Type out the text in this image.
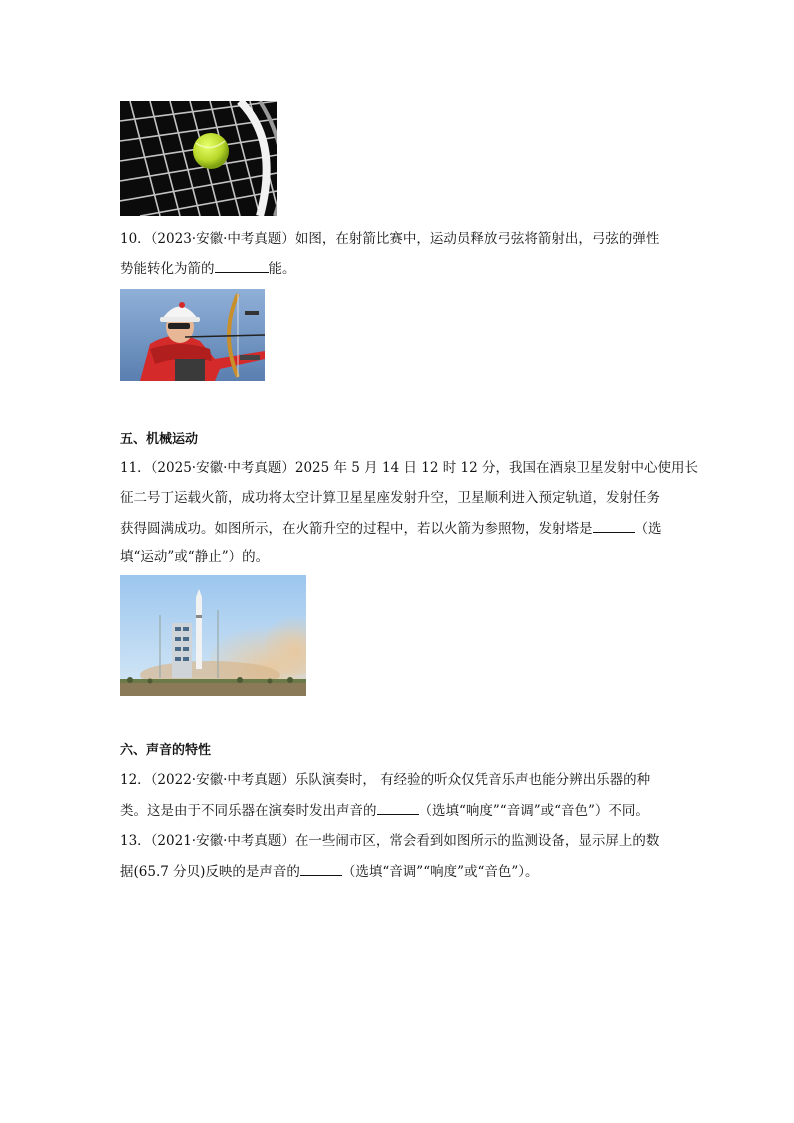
10．（2023·安徽·中考真题）如图，在射箭比赛中，运动员释放弓弦将箭射出，弓弦的弹性
势能转化为箭的	能。
五、机械运动
11．（2025·安徽·中考真题）2025 年 5 月 14 日 12 时 12 分，我国在酒泉卫星发射中心使用长
征二号丁运载火箭，成功将太空计算卫星星座发射升空，卫星顺利进入预定轨道，发射任务
获得圆满成功。如图所示，在火箭升空的过程中，若以火箭为参照物，发射塔是	（选
填“运动”或“静止”）的。
六、声音的特性
12．（2022·安徽·中考真题）乐队演奏时， 有经验的听众仅凭音乐声也能分辨出乐器的种
类。这是由于不同乐器在演奏时发出声音的	（选填“响度”“音调”或“音色”）不同。
13．（2021·安徽·中考真题）在一些闹市区，常会看到如图所示的监测设备，显示屏上的数
据(65.7 分贝)反映的是声音的	（选填“音调”“响度”或“音色”）。
